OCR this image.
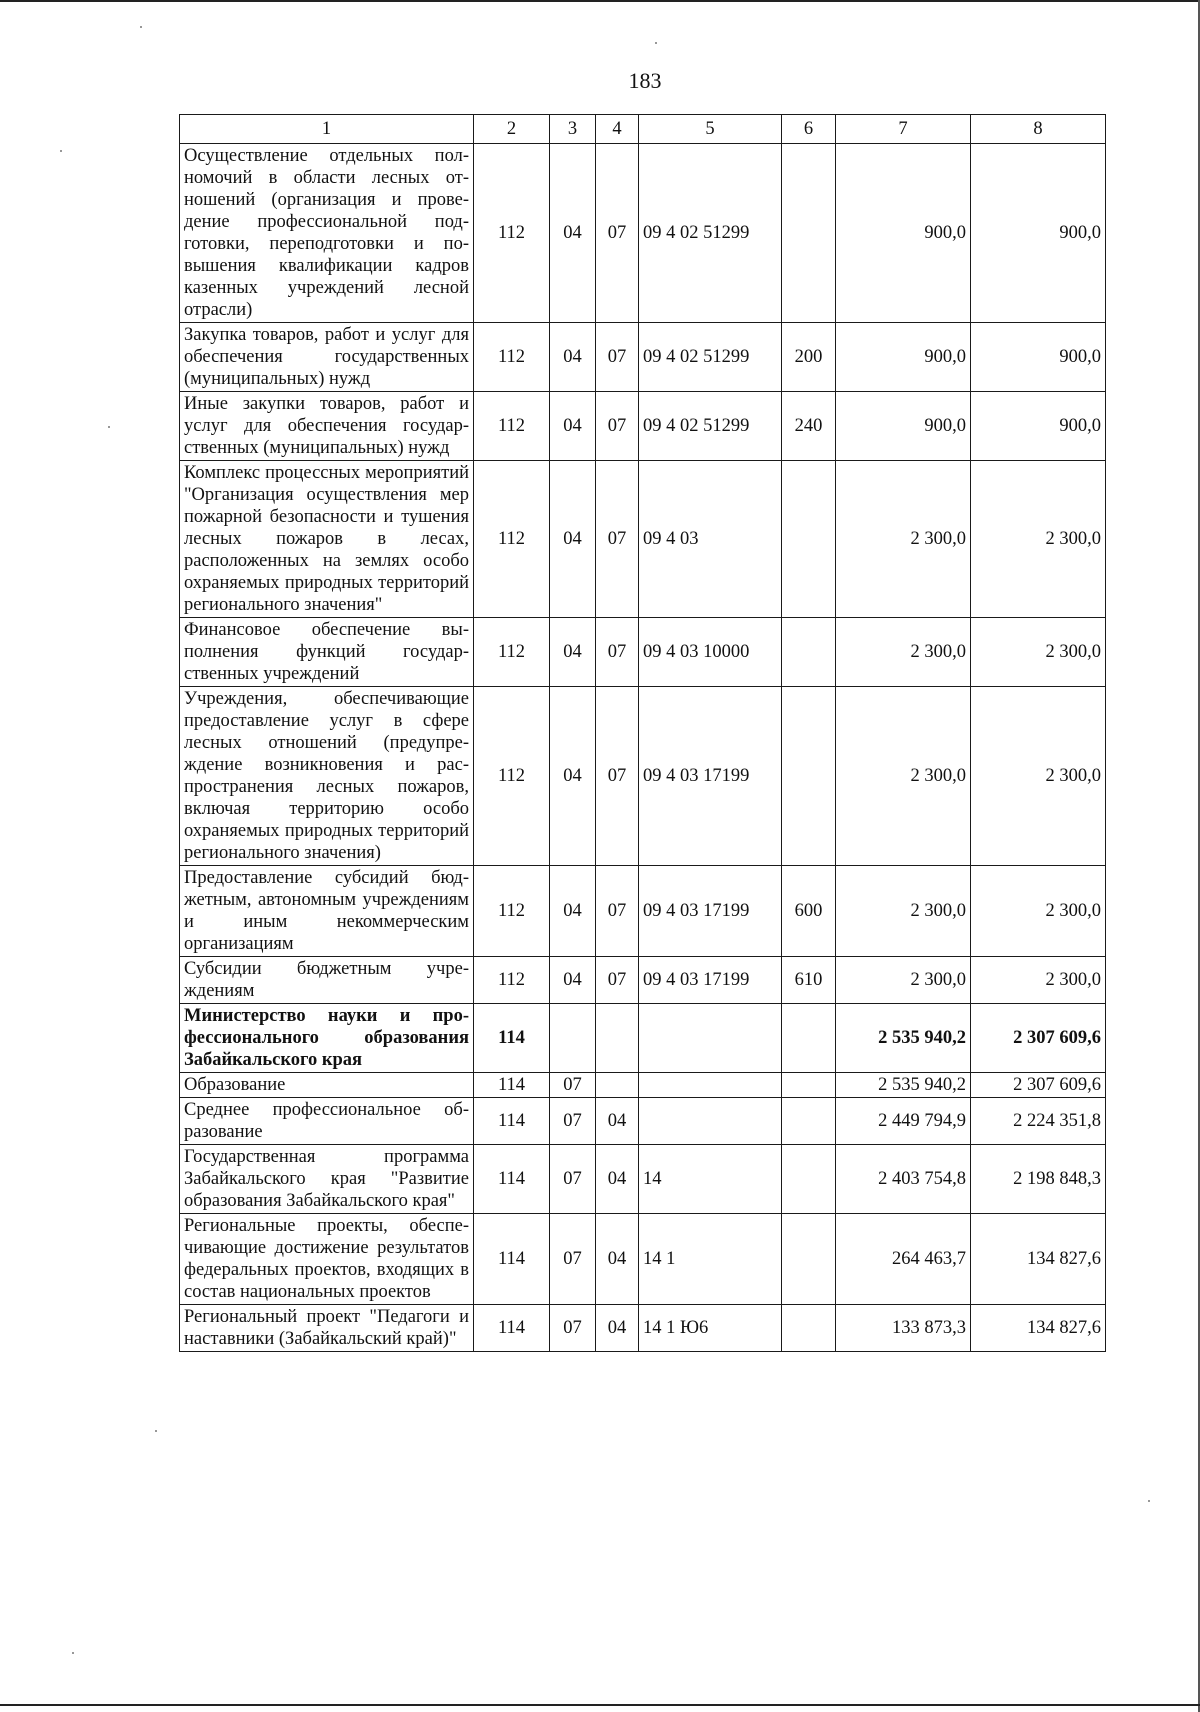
183
1	2	3	4	5	6	7	8
Осуществление отдельных полномочий в области лесных отношений (организация и проведение профессиональной подготовки, переподготовки и повышения квалификации кадров казенных учреждений лесной отрасли)	112	04	07	09 4 02 51299		900,0	900,0
Закупка товаров, работ и услуг для обеспечения государственных (муниципальных) нужд	112	04	07	09 4 02 51299	200	900,0	900,0
Иные закупки товаров, работ и услуг для обеспечения государственных (муниципальных) нужд	112	04	07	09 4 02 51299	240	900,0	900,0
Комплекс процессных мероприятий "Организация осуществления мер пожарной безопасности и тушения лесных пожаров в лесах, расположенных на землях особо охраняемых природных территорий регионального значения"	112	04	07	09 4 03		2 300,0	2 300,0
Финансовое обеспечение выполнения функций государственных учреждений	112	04	07	09 4 03 10000		2 300,0	2 300,0
Учреждения, обеспечивающие предоставление услуг в сфере лесных отношений (предупреждение возникновения и распространения лесных пожаров, включая территорию особо охраняемых природных территорий регионального значения)	112	04	07	09 4 03 17199		2 300,0	2 300,0
Предоставление субсидий бюджетным, автономным учреждениям и иным некоммерческим организациям	112	04	07	09 4 03 17199	600	2 300,0	2 300,0
Субсидии бюджетным учреждениям	112	04	07	09 4 03 17199	610	2 300,0	2 300,0
Министерство науки и профессионального образования Забайкальского края	114					2 535 940,2	2 307 609,6
Образование	114	07				2 535 940,2	2 307 609,6
Среднее профессиональное образование	114	07	04			2 449 794,9	2 224 351,8
Государственная программа Забайкальского края "Развитие образования Забайкальского края"	114	07	04	14		2 403 754,8	2 198 848,3
Региональные проекты, обеспечивающие достижение результатов федеральных проектов, входящих в состав национальных проектов	114	07	04	14 1		264 463,7	134 827,6
Региональный проект "Педагоги и наставники (Забайкальский край)"	114	07	04	14 1 Ю6		133 873,3	134 827,6
